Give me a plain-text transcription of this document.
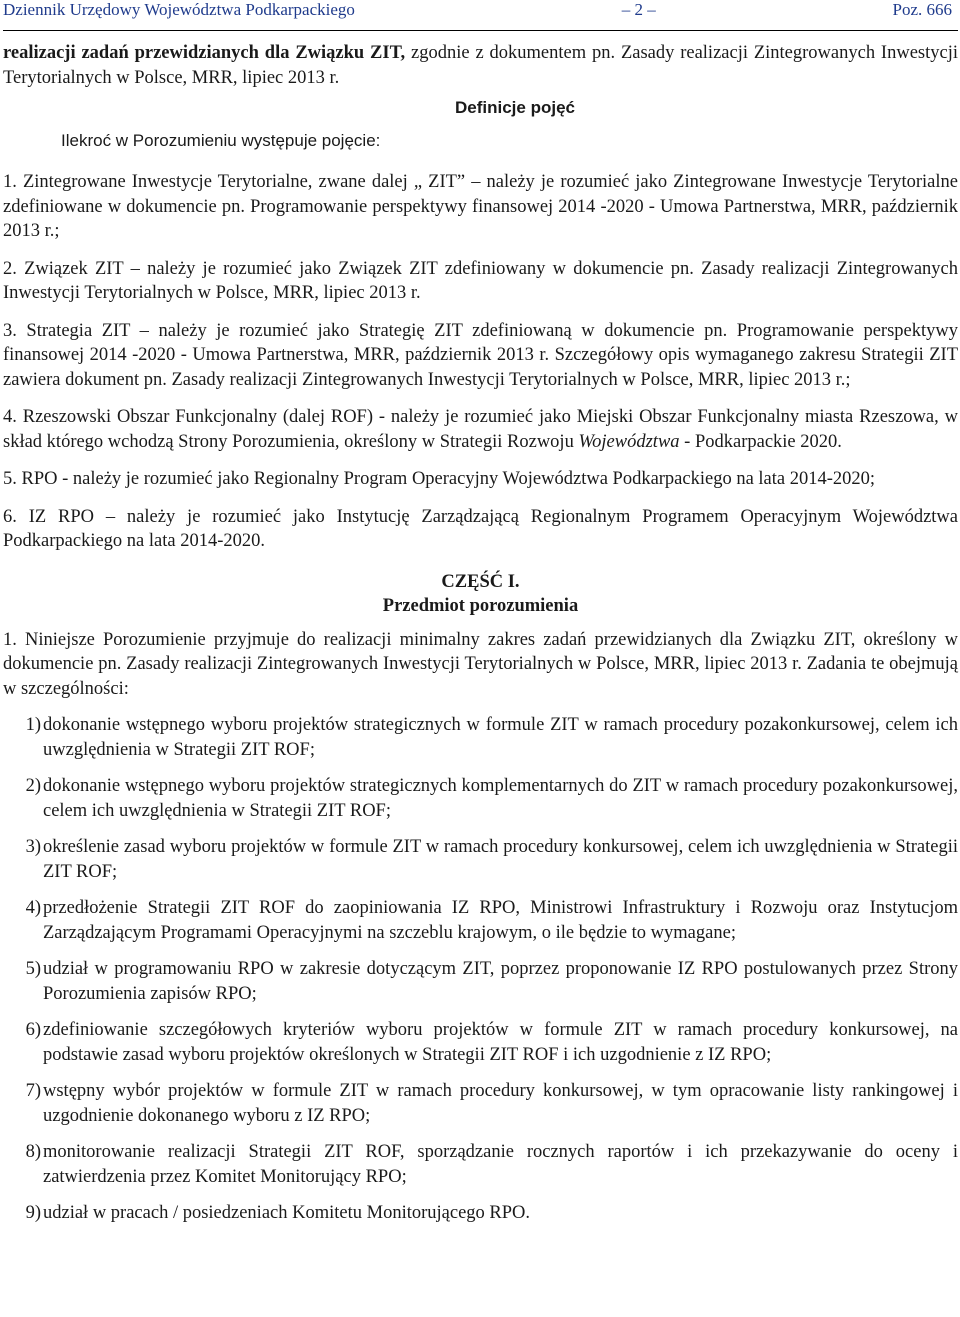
Dziennik Urzędowy Województwa Podkarpackiego	– 2 –	Poz. 666

realizacji zadań przewidzianych dla Związku ZIT, zgodnie z dokumentem pn. Zasady realizacji Zintegrowanych Inwestycji Terytorialnych w Polsce, MRR, lipiec 2013 r.

Ilekroć w Porozumieniu występuje pojęcie:
Definicje pojęć

1. Zintegrowane Inwestycje Terytorialne, zwane dalej „ ZIT” – należy je rozumieć jako Zintegrowane Inwestycje Terytorialne zdefiniowane w dokumencie pn. Programowanie perspektywy finansowej 2014 -2020 - Umowa Partnerstwa, MRR, październik 2013 r.;

2. Związek ZIT – należy je rozumieć jako Związek ZIT zdefiniowany w dokumencie pn. Zasady realizacji Zintegrowanych Inwestycji Terytorialnych w Polsce, MRR, lipiec 2013 r.

3. Strategia ZIT – należy je rozumieć jako Strategię ZIT zdefiniowaną w dokumencie pn. Programowanie perspektywy finansowej 2014 -2020 - Umowa Partnerstwa, MRR, październik 2013 r. Szczegółowy opis wymaganego zakresu Strategii ZIT zawiera dokument pn. Zasady realizacji Zintegrowanych Inwestycji Terytorialnych w Polsce, MRR, lipiec 2013 r.;

4. Rzeszowski Obszar Funkcjonalny (dalej ROF) - należy je rozumieć jako Miejski Obszar Funkcjonalny miasta Rzeszowa, w skład którego wchodzą Strony Porozumienia, określony w Strategii Rozwoju Województwa - Podkarpackie 2020.

5. RPO - należy je rozumieć jako Regionalny Program Operacyjny Województwa Podkarpackiego na lata 2014-2020;

6. IZ RPO – należy je rozumieć jako Instytucję Zarządzającą Regionalnym Programem Operacyjnym Województwa Podkarpackiego na lata 2014-2020.

CZĘŚĆ I.
Przedmiot porozumienia

1. Niniejsze Porozumienie przyjmuje do realizacji minimalny zakres zadań przewidzianych dla Związku ZIT, określony w dokumencie pn. Zasady realizacji Zintegrowanych Inwestycji Terytorialnych w Polsce, MRR, lipiec 2013 r. Zadania te obejmują w szczególności:

1) dokonanie wstępnego wyboru projektów strategicznych w formule ZIT w ramach procedury pozakonkursowej, celem ich uwzględnienia w Strategii ZIT ROF;
2) dokonanie wstępnego wyboru projektów strategicznych komplementarnych do ZIT w ramach procedury pozakonkursowej, celem ich uwzględnienia w Strategii ZIT ROF;
3) określenie zasad wyboru projektów w formule ZIT w ramach procedury konkursowej, celem ich uwzględnienia w Strategii ZIT ROF;
4) przedłożenie Strategii ZIT ROF do zaopiniowania IZ RPO, Ministrowi Infrastruktury i Rozwoju oraz Instytucjom Zarządzającym Programami Operacyjnymi na szczeblu krajowym, o ile będzie to wymagane;
5) udział w programowaniu RPO w zakresie dotyczącym ZIT, poprzez proponowanie IZ RPO postulowanych przez Strony Porozumienia zapisów RPO;
6) zdefiniowanie szczegółowych kryteriów wyboru projektów w formule ZIT w ramach procedury konkursowej, na podstawie zasad wyboru projektów określonych w Strategii ZIT ROF i ich uzgodnienie z IZ RPO;
7) wstępny wybór projektów w formule ZIT w ramach procedury konkursowej, w tym opracowanie listy rankingowej i uzgodnienie dokonanego wyboru z IZ RPO;
8) monitorowanie realizacji Strategii ZIT ROF, sporządzanie rocznych raportów i ich przekazywanie do oceny i zatwierdzenia przez Komitet Monitorujący RPO;
9) udział w pracach / posiedzeniach Komitetu Monitorującego RPO.
